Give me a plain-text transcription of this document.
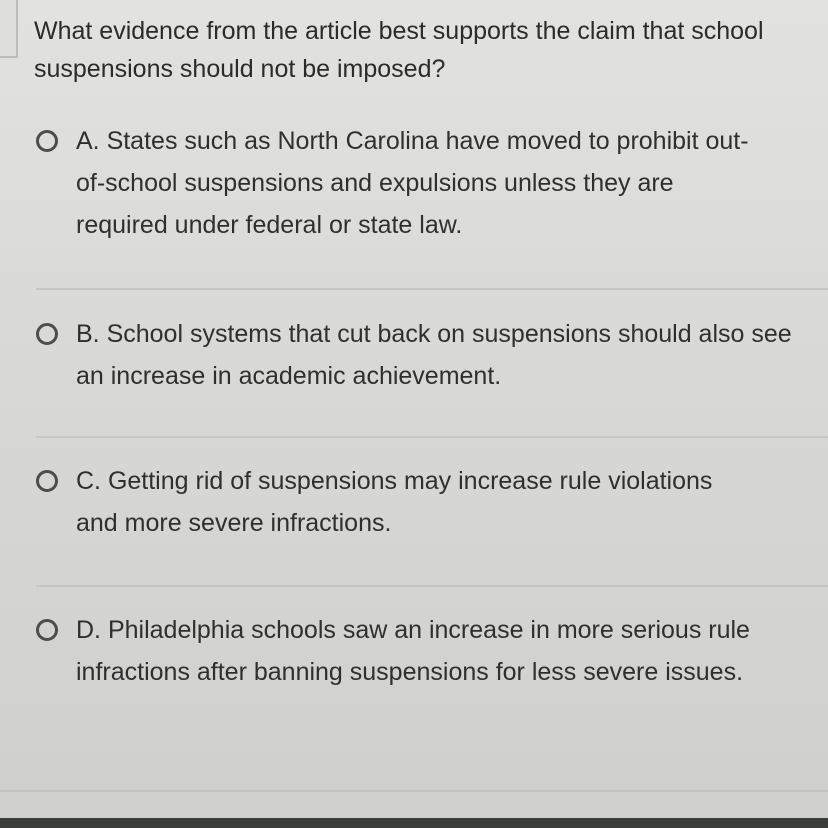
What evidence from the article best supports the claim that school suspensions should not be imposed?

A. States such as North Carolina have moved to prohibit out-of-school suspensions and expulsions unless they are required under federal or state law.
B. School systems that cut back on suspensions should also see an increase in academic achievement.
C. Getting rid of suspensions may increase rule violations and more severe infractions.
D. Philadelphia schools saw an increase in more serious rule infractions after banning suspensions for less severe issues.
